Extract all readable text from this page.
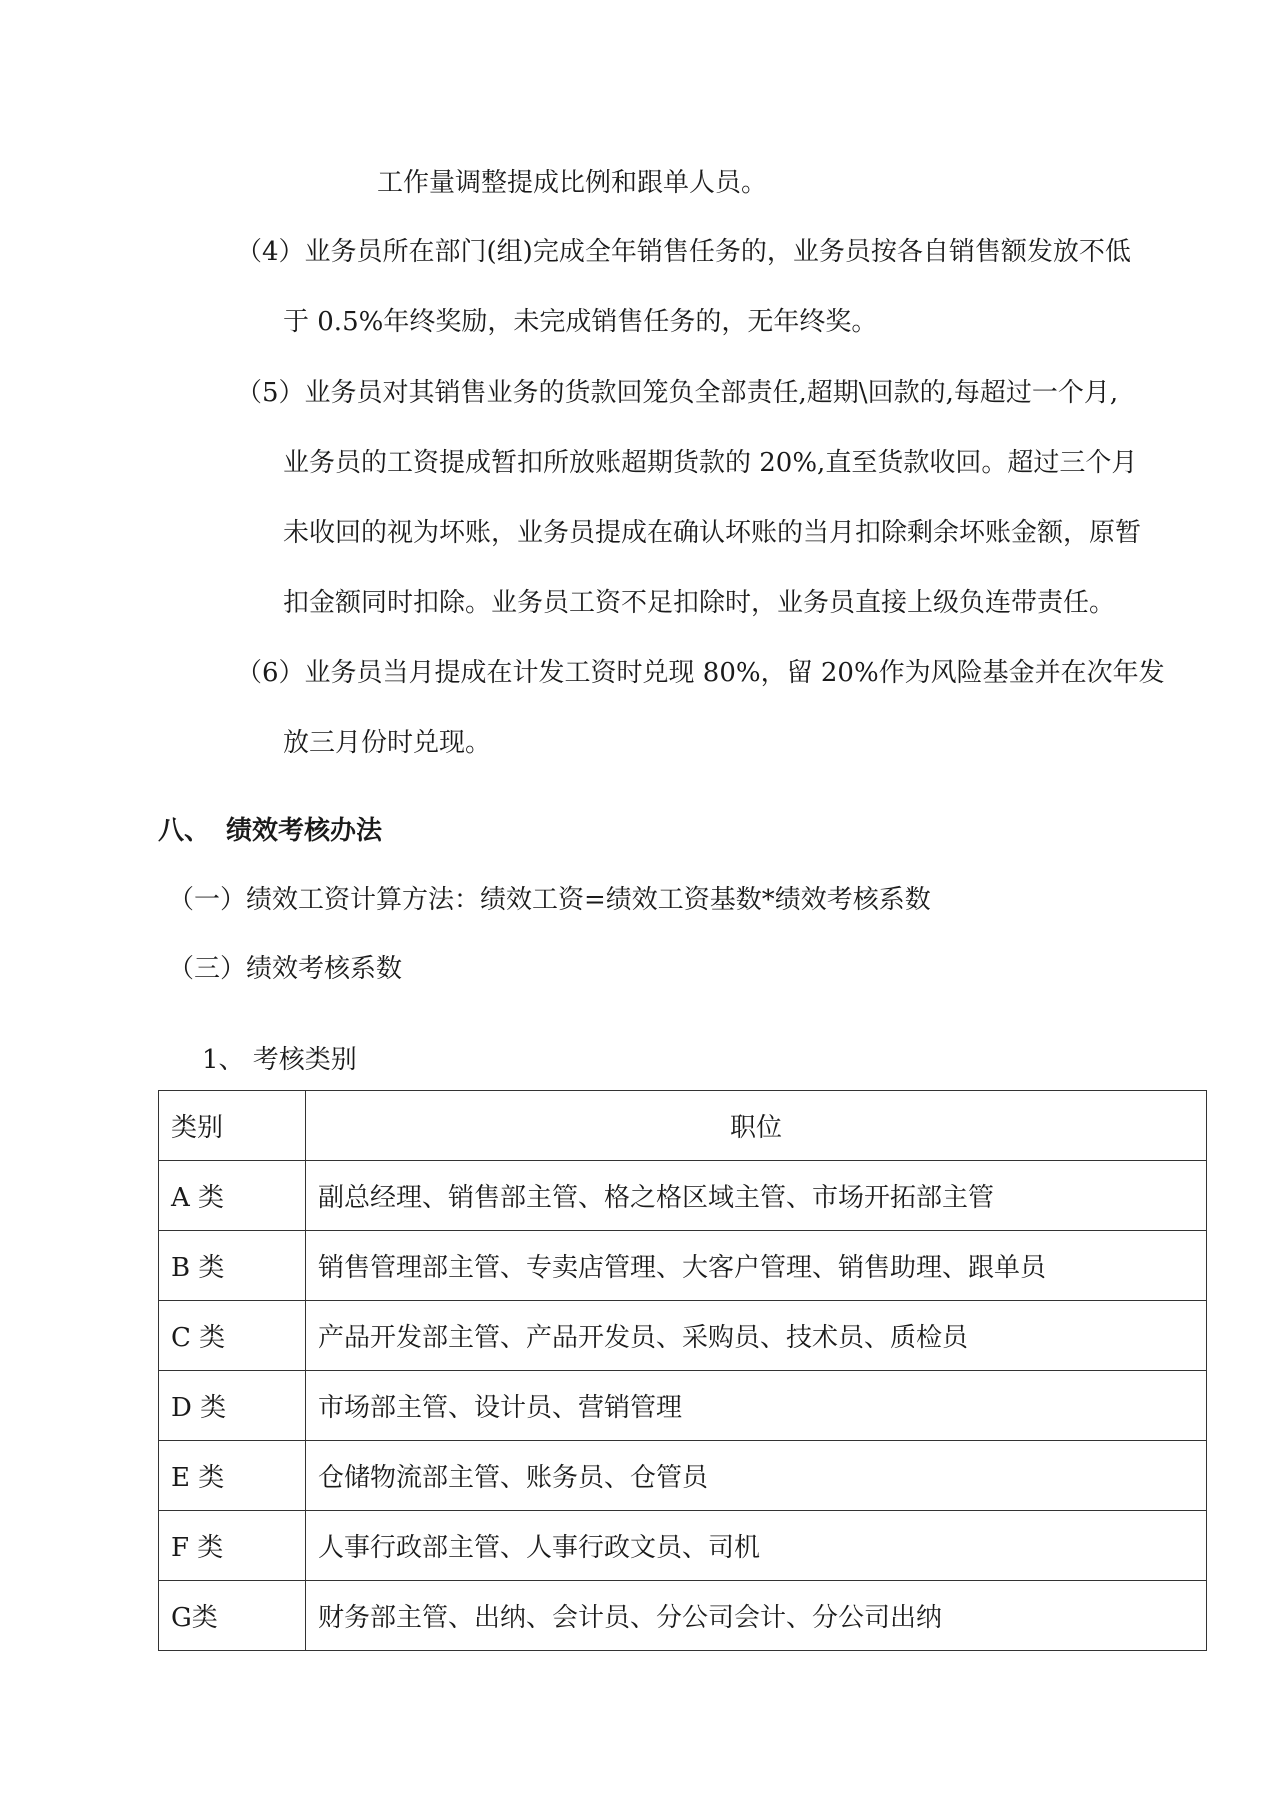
工作量调整提成比例和跟单人员。
（4）业务员所在部门(组)完成全年销售任务的，业务员按各自销售额发放不低
于 0.5%年终奖励，未完成销售任务的，无年终奖。
（5）业务员对其销售业务的货款回笼负全部责任,超期\回款的,每超过一个月,
业务员的工资提成暂扣所放账超期货款的 20%,直至货款收回。超过三个月
未收回的视为坏账，业务员提成在确认坏账的当月扣除剩余坏账金额，原暂
扣金额同时扣除。业务员工资不足扣除时，业务员直接上级负连带责任。
（6）业务员当月提成在计发工资时兑现 80%，留 20%作为风险基金并在次年发
放三月份时兑现。
八、 绩效考核办法
（一）绩效工资计算方法：绩效工资=绩效工资基数*绩效考核系数
（三）绩效考核系数
1、 考核类别
类别	职位
A 类	副总经理、销售部主管、格之格区域主管、市场开拓部主管
B 类	销售管理部主管、专卖店管理、大客户管理、销售助理、跟单员
C 类	产品开发部主管、产品开发员、采购员、技术员、质检员
D 类	市场部主管、设计员、营销管理
E 类	仓储物流部主管、账务员、仓管员
F 类	人事行政部主管、人事行政文员、司机
G类	财务部主管、出纳、会计员、分公司会计、分公司出纳
